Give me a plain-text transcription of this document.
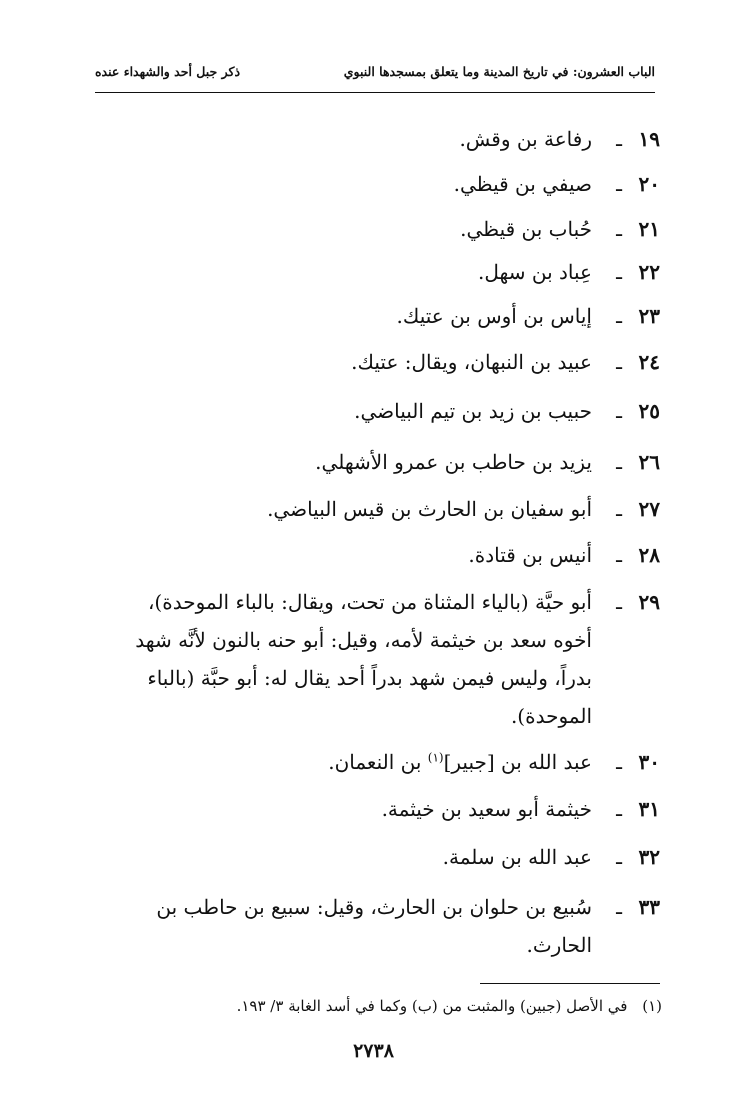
الباب العشرون: في تاريخ المدينة وما يتعلق بمسجدها النبوي
ذكر جبل أحد والشهداء عنده
١٩
ـ
رفاعة بن وقش.
٢٠
ـ
صيفي بن قيظي.
٢١
ـ
حُباب بن قيظي.
٢٢
ـ
عِباد بن سهل.
٢٣
ـ
إياس بن أوس بن عتيك.
٢٤
ـ
عبيد بن النبهان، ويقال: عتيك.
٢٥
ـ
حبيب بن زيد بن تيم البياضي.
٢٦
ـ
يزيد بن حاطب بن عمرو الأشهلي.
٢٧
ـ
أبو سفيان بن الحارث بن قيس البياضي.
٢٨
ـ
أنيس بن قتادة.
٢٩
ـ
أبو حيَّة (بالياء المثناة من تحت، ويقال: بالباء الموحدة)،
أخوه سعد بن خيثمة لأمه، وقيل: أبو حنه بالنون لأنَّه شهد
بدراً، وليس فيمن شهد بدراً أحد يقال له: أبو حبَّة (بالباء
الموحدة).
٣٠
ـ
عبد الله بن [جبير]$^{(١)}$ بن النعمان.
٣١
ـ
خيثمة أبو سعيد بن خيثمة.
٣٢
ـ
عبد الله بن سلمة.
٣٣
ـ
سُبيع بن حلوان بن الحارث، وقيل: سبيع بن حاطب بن
الحارث.
(١) في الأصل (جبين) والمثبت من (ب) وكما في أسد الغابة ٣/ ١٩٣.
٢٧٣٨
